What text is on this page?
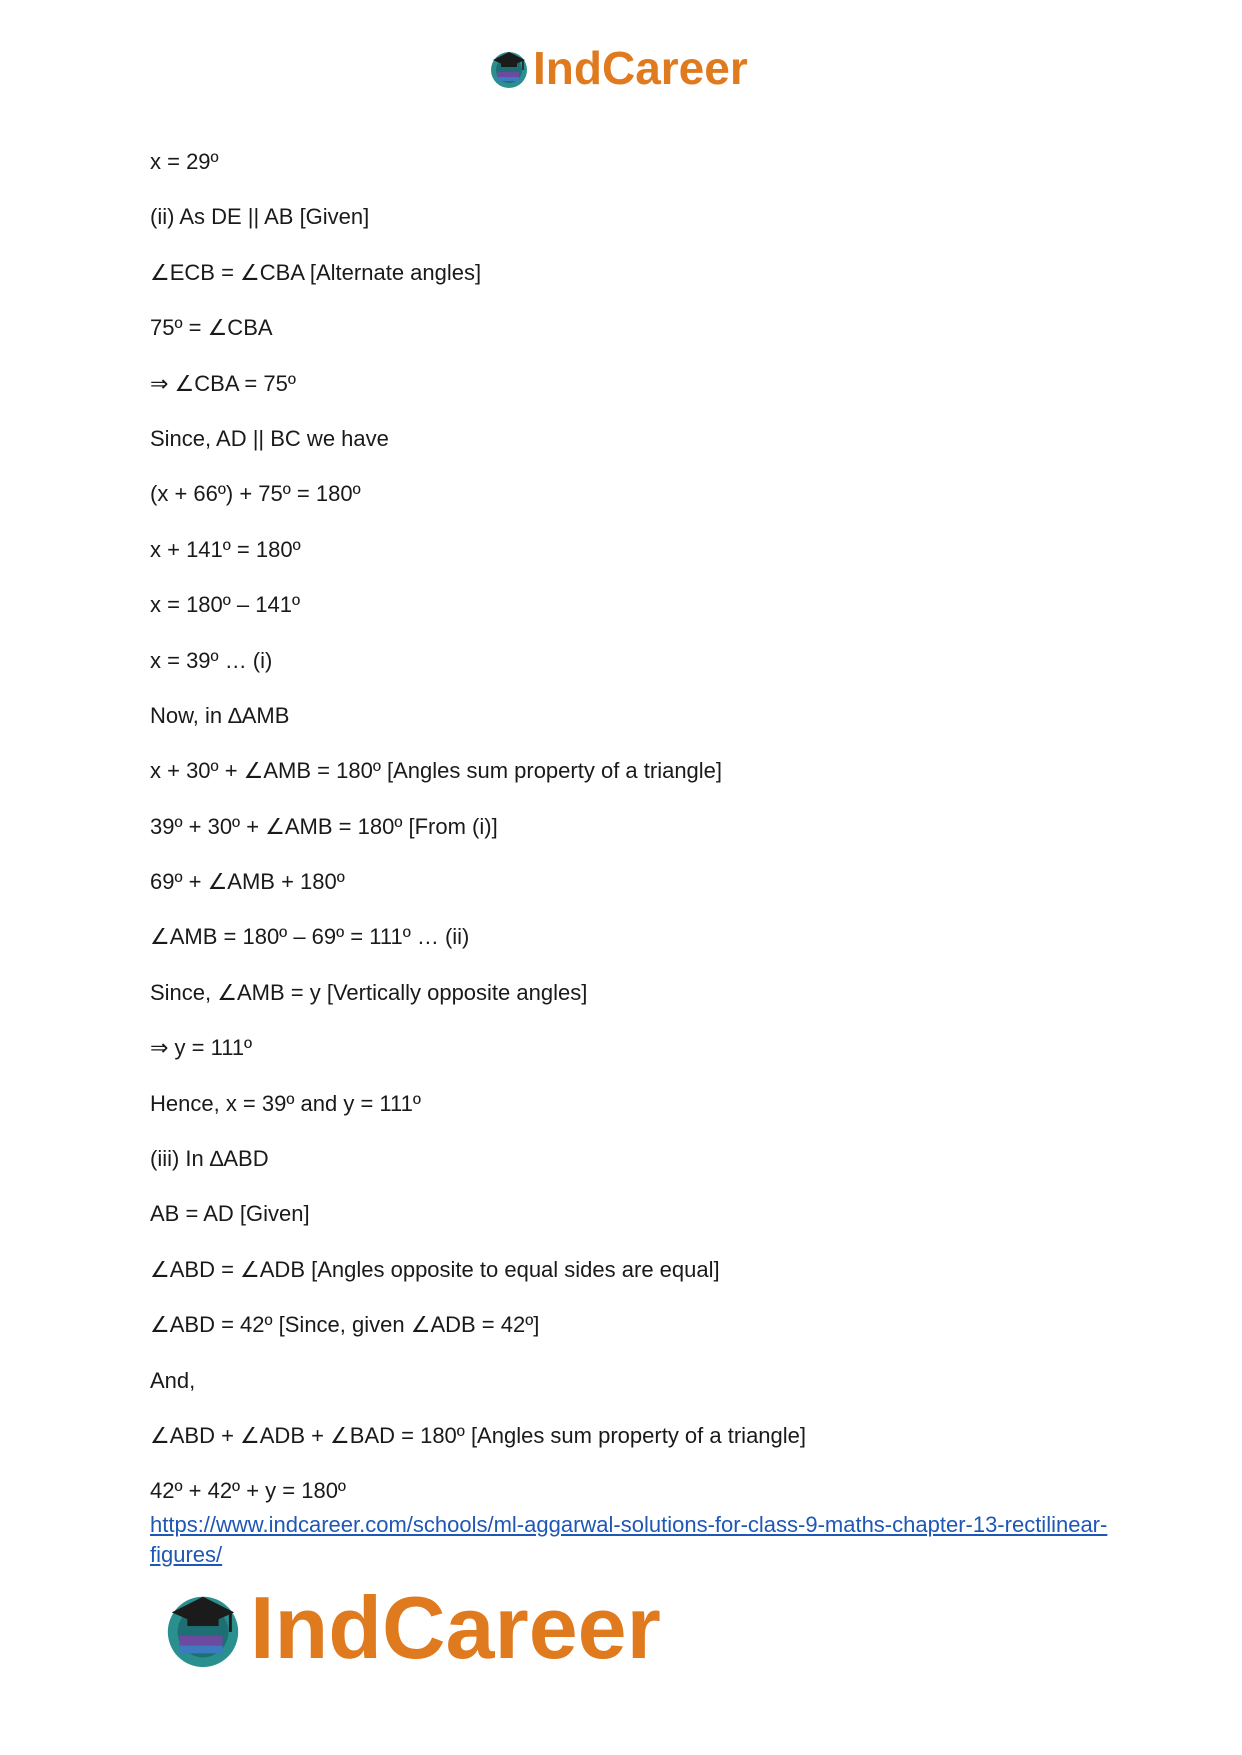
IndCareer
x = 29º
(ii) As DE || AB [Given]
∠ECB = ∠CBA [Alternate angles]
75º = ∠CBA
⇒ ∠CBA = 75º
Since, AD || BC we have
(x + 66º) + 75º = 180º
x + 141º = 180º
x = 180º – 141º
x = 39º … (i)
Now, in ∆AMB
x + 30º + ∠AMB = 180º [Angles sum property of a triangle]
39º + 30º + ∠AMB = 180º [From (i)]
69º + ∠AMB + 180º
∠AMB = 180º – 69º = 111º … (ii)
Since, ∠AMB = y [Vertically opposite angles]
⇒ y = 111º
Hence, x = 39º and y = 111º
(iii) In ∆ABD
AB = AD [Given]
∠ABD = ∠ADB [Angles opposite to equal sides are equal]
∠ABD = 42º [Since, given ∠ADB = 42º]
And,
∠ABD + ∠ADB + ∠BAD = 180º [Angles sum property of a triangle]
42º + 42º + y = 180º
https://www.indcareer.com/schools/ml-aggarwal-solutions-for-class-9-maths-chapter-13-rectilinear-figures/
IndCareer
